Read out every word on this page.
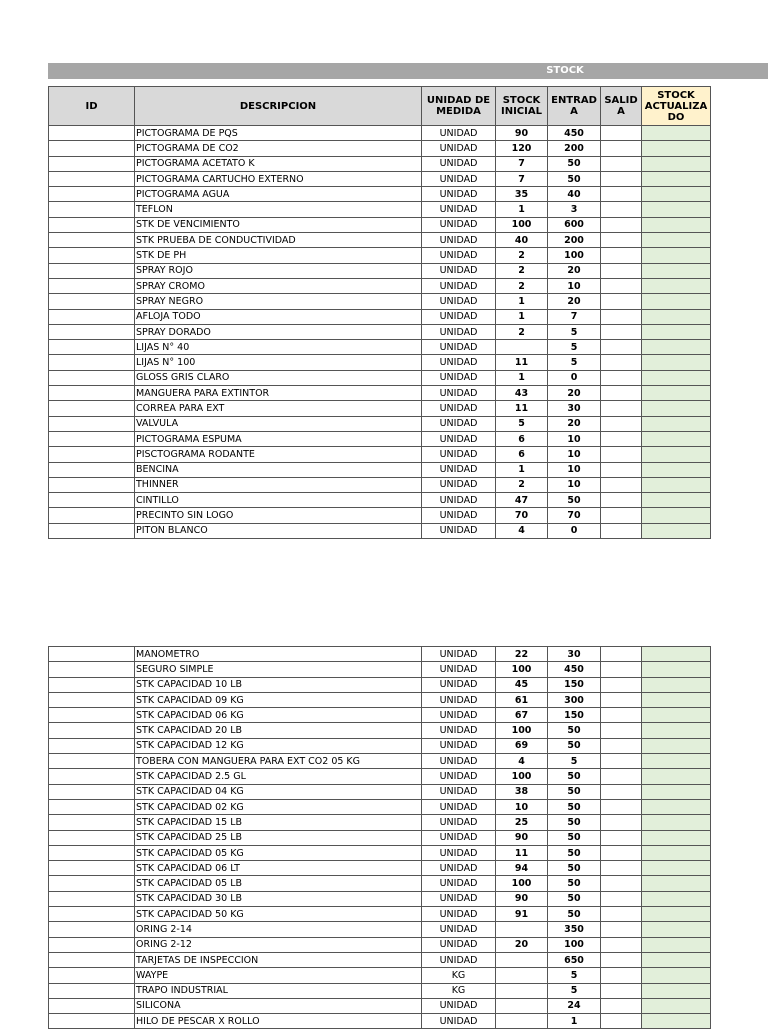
STOCK
ID	DESCRIPCION	UNIDAD DE MEDIDA	STOCK INICIAL	ENTRAD A	SALID A	STOCK ACTUALIZA DO
	PICTOGRAMA DE PQS	UNIDAD	90	450		
	PICTOGRAMA DE CO2	UNIDAD	120	200		
	PICTOGRAMA ACETATO K	UNIDAD	7	50		
	PICTOGRAMA CARTUCHO EXTERNO	UNIDAD	7	50		
	PICTOGRAMA AGUA	UNIDAD	35	40		
	TEFLON	UNIDAD	1	3		
	STK DE VENCIMIENTO	UNIDAD	100	600		
	STK PRUEBA DE CONDUCTIVIDAD	UNIDAD	40	200		
	STK DE PH	UNIDAD	2	100		
	SPRAY ROJO	UNIDAD	2	20		
	SPRAY CROMO	UNIDAD	2	10		
	SPRAY NEGRO	UNIDAD	1	20		
	AFLOJA TODO	UNIDAD	1	7		
	SPRAY DORADO	UNIDAD	2	5		
	LIJAS N° 40	UNIDAD		5		
	LIJAS N° 100	UNIDAD	11	5		
	GLOSS GRIS CLARO	UNIDAD	1	0		
	MANGUERA PARA EXTINTOR	UNIDAD	43	20		
	CORREA PARA EXT	UNIDAD	11	30		
	VALVULA	UNIDAD	5	20		
	PICTOGRAMA ESPUMA	UNIDAD	6	10		
	PISCTOGRAMA RODANTE	UNIDAD	6	10		
	BENCINA	UNIDAD	1	10		
	THINNER	UNIDAD	2	10		
	CINTILLO	UNIDAD	47	50		
	PRECINTO SIN LOGO	UNIDAD	70	70		
	PITON BLANCO	UNIDAD	4	0		
	MANOMETRO	UNIDAD	22	30		
	SEGURO SIMPLE	UNIDAD	100	450		
	STK CAPACIDAD 10 LB	UNIDAD	45	150		
	STK CAPACIDAD 09 KG	UNIDAD	61	300		
	STK CAPACIDAD 06 KG	UNIDAD	67	150		
	STK CAPACIDAD 20 LB	UNIDAD	100	50		
	STK CAPACIDAD 12 KG	UNIDAD	69	50		
	TOBERA CON MANGUERA PARA EXT CO2 05 KG	UNIDAD	4	5		
	STK CAPACIDAD 2.5 GL	UNIDAD	100	50		
	STK CAPACIDAD 04 KG	UNIDAD	38	50		
	STK CAPACIDAD 02 KG	UNIDAD	10	50		
	STK CAPACIDAD 15 LB	UNIDAD	25	50		
	STK CAPACIDAD 25 LB	UNIDAD	90	50		
	STK CAPACIDAD 05 KG	UNIDAD	11	50		
	STK CAPACIDAD 06 LT	UNIDAD	94	50		
	STK CAPACIDAD 05 LB	UNIDAD	100	50		
	STK CAPACIDAD 30 LB	UNIDAD	90	50		
	STK CAPACIDAD 50 KG	UNIDAD	91	50		
	ORING 2-14	UNIDAD		350		
	ORING 2-12	UNIDAD	20	100		
	TARJETAS DE INSPECCION	UNIDAD		650		
	WAYPE	KG		5		
	TRAPO INDUSTRIAL	KG		5		
	SILICONA	UNIDAD		24		
	HILO DE PESCAR X ROLLO	UNIDAD		1		
